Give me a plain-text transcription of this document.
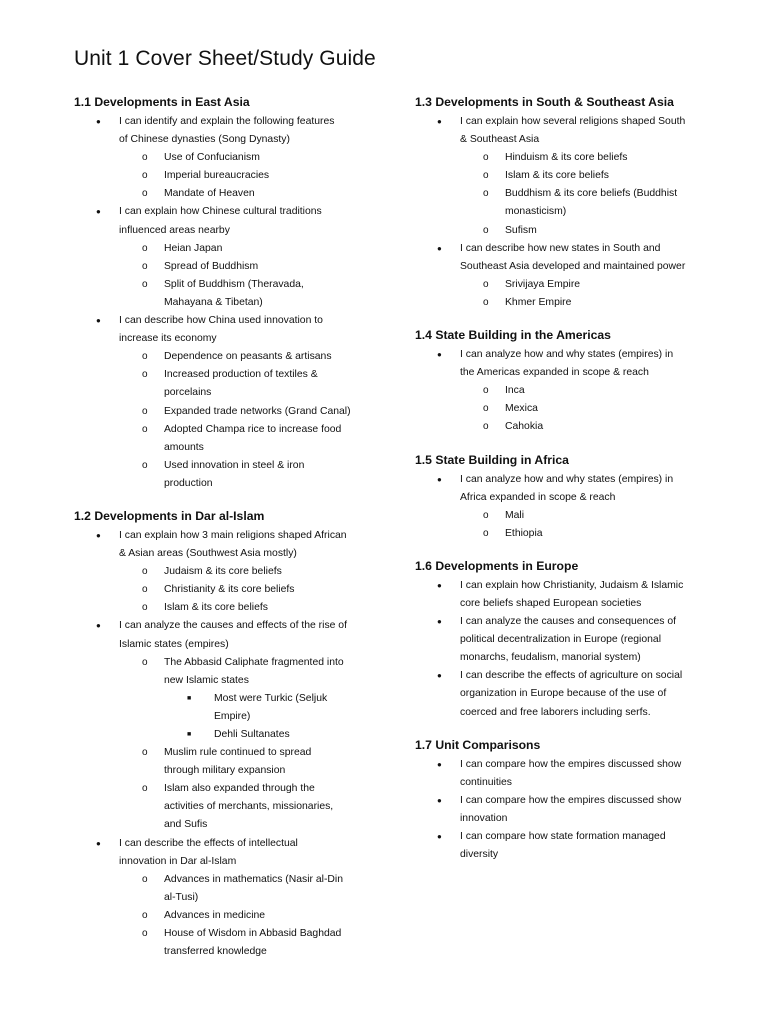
Unit 1 Cover Sheet/Study Guide
1.1 Developments in East Asia
● I can identify and explain the following features
of Chinese dynasties (Song Dynasty)
o Use of Confucianism
o Imperial bureaucracies
o Mandate of Heaven
● I can explain how Chinese cultural traditions
influenced areas nearby
o Heian Japan
o Spread of Buddhism
o Split of Buddhism (Theravada,
Mahayana & Tibetan)
● I can describe how China used innovation to
increase its economy
o Dependence on peasants & artisans
o Increased production of textiles &
porcelains
o Expanded trade networks (Grand Canal)
o Adopted Champa rice to increase food
amounts
o Used innovation in steel & iron
production
1.2 Developments in Dar al-Islam
● I can explain how 3 main religions shaped African
& Asian areas (Southwest Asia mostly)
o Judaism & its core beliefs
o Christianity & its core beliefs
o Islam & its core beliefs
● I can analyze the causes and effects of the rise of
Islamic states (empires)
o The Abbasid Caliphate fragmented into
new Islamic states
■ Most were Turkic (Seljuk
Empire)
■ Dehli Sultanates
o Muslim rule continued to spread
through military expansion
o Islam also expanded through the
activities of merchants, missionaries,
and Sufis
● I can describe the effects of intellectual
innovation in Dar al-Islam
o Advances in mathematics (Nasir al-Din
al-Tusi)
o Advances in medicine
o House of Wisdom in Abbasid Baghdad
transferred knowledge
1.3 Developments in South & Southeast Asia
● I can explain how several religions shaped South
& Southeast Asia
o Hinduism & its core beliefs
o Islam & its core beliefs
o Buddhism & its core beliefs (Buddhist
monasticism)
o Sufism
● I can describe how new states in South and
Southeast Asia developed and maintained power
o Srivijaya Empire
o Khmer Empire
1.4 State Building in the Americas
● I can analyze how and why states (empires) in
the Americas expanded in scope & reach
o Inca
o Mexica
o Cahokia
1.5 State Building in Africa
● I can analyze how and why states (empires) in
Africa expanded in scope & reach
o Mali
o Ethiopia
1.6 Developments in Europe
● I can explain how Christianity, Judaism & Islamic
core beliefs shaped European societies
● I can analyze the causes and consequences of
political decentralization in Europe (regional
monarchs, feudalism, manorial system)
● I can describe the effects of agriculture on social
organization in Europe because of the use of
coerced and free laborers including serfs.
1.7 Unit Comparisons
● I can compare how the empires discussed show
continuities
● I can compare how the empires discussed show
innovation
● I can compare how state formation managed
diversity
